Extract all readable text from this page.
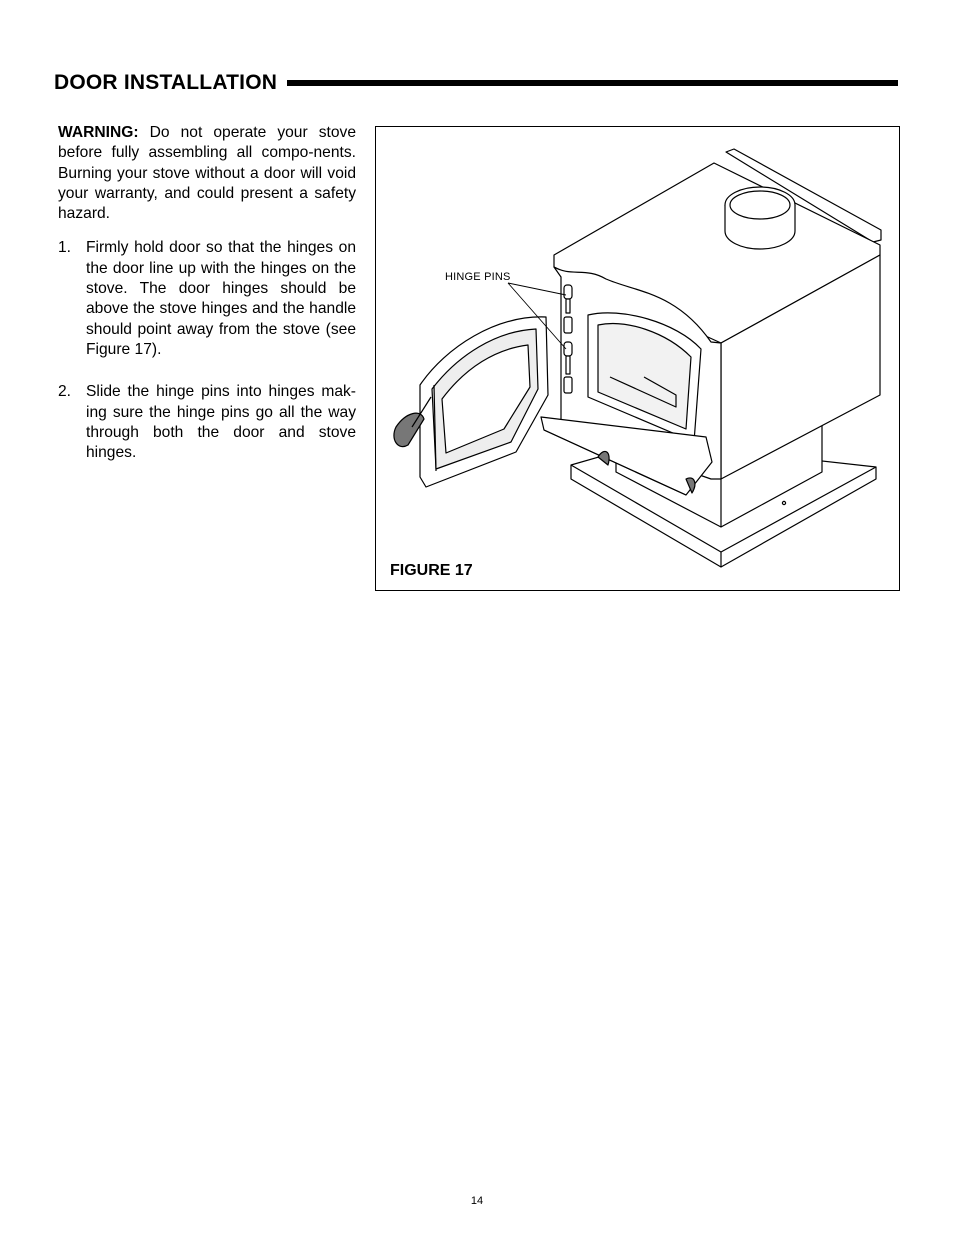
DOOR INSTALLATION

WARNING: Do not operate your stove before fully assembling all compo-nents. Burning your stove without a door will void your warranty, and could present a safety hazard.

1. Firmly hold door so that the hinges on the door line up with the hinges on the stove. The door hinges should be above the stove hinges and the handle should point away from the stove (see Figure 17).
2. Slide the hinge pins into hinges mak-ing sure the hinge pins go all the way through both the door and stove hinges.
HINGE PINS
FIGURE 17
14
